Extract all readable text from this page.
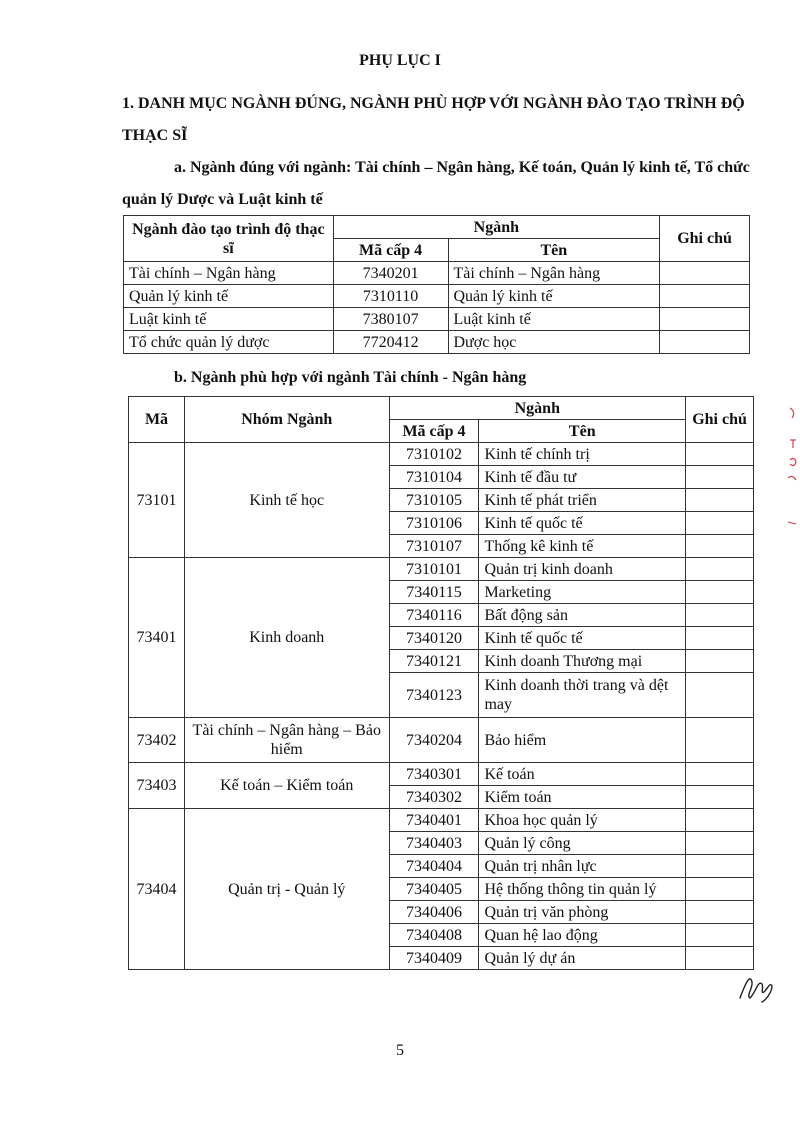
PHỤ LỤC I
1. DANH MỤC NGÀNH ĐÚNG, NGÀNH PHÙ HỢP VỚI NGÀNH ĐÀO TẠO TRÌNH ĐỘ THẠC SĨ
a. Ngành đúng với ngành: Tài chính – Ngân hàng, Kế toán, Quản lý kinh tế, Tổ chức quản lý Dược và Luật kinh tế
Ngành đào tạo trình độ thạc sĩ	Ngành		Ghi chú
	Mã cấp 4	Tên	
Tài chính – Ngân hàng	7340201	Tài chính – Ngân hàng	
Quản lý kinh tế	7310110	Quản lý kinh tế	
Luật kinh tế	7380107	Luật kinh tế	
Tổ chức quản lý dược	7720412	Dược học	
b. Ngành phù hợp với ngành Tài chính - Ngân hàng
Mã	Nhóm Ngành	Ngành		Ghi chú
		Mã cấp 4	Tên	
73101	Kinh tế học	7310102	Kinh tế chính trị	
		7310104	Kinh tế đầu tư	
		7310105	Kinh tế phát triển	
		7310106	Kinh tế quốc tế	
		7310107	Thống kê kinh tế	
73401	Kinh doanh	7310101	Quản trị kinh doanh	
		7340115	Marketing	
		7340116	Bất động sản	
		7340120	Kinh tế quốc tế	
		7340121	Kinh doanh Thương mại	
		7340123	Kinh doanh thời trang và dệt may	
73402	Tài chính – Ngân hàng – Bảo hiểm	7340204	Bảo hiểm	
73403	Kế toán – Kiểm toán	7340301	Kế toán	
		7340302	Kiểm toán	
73404	Quản trị - Quản lý	7340401	Khoa học quản lý	
		7340403	Quản lý công	
		7340404	Quản trị nhân lực	
		7340405	Hệ thống thông tin quản lý	
		7340406	Quản trị văn phòng	
		7340408	Quan hệ lao động	
		7340409	Quản lý dự án	
5
